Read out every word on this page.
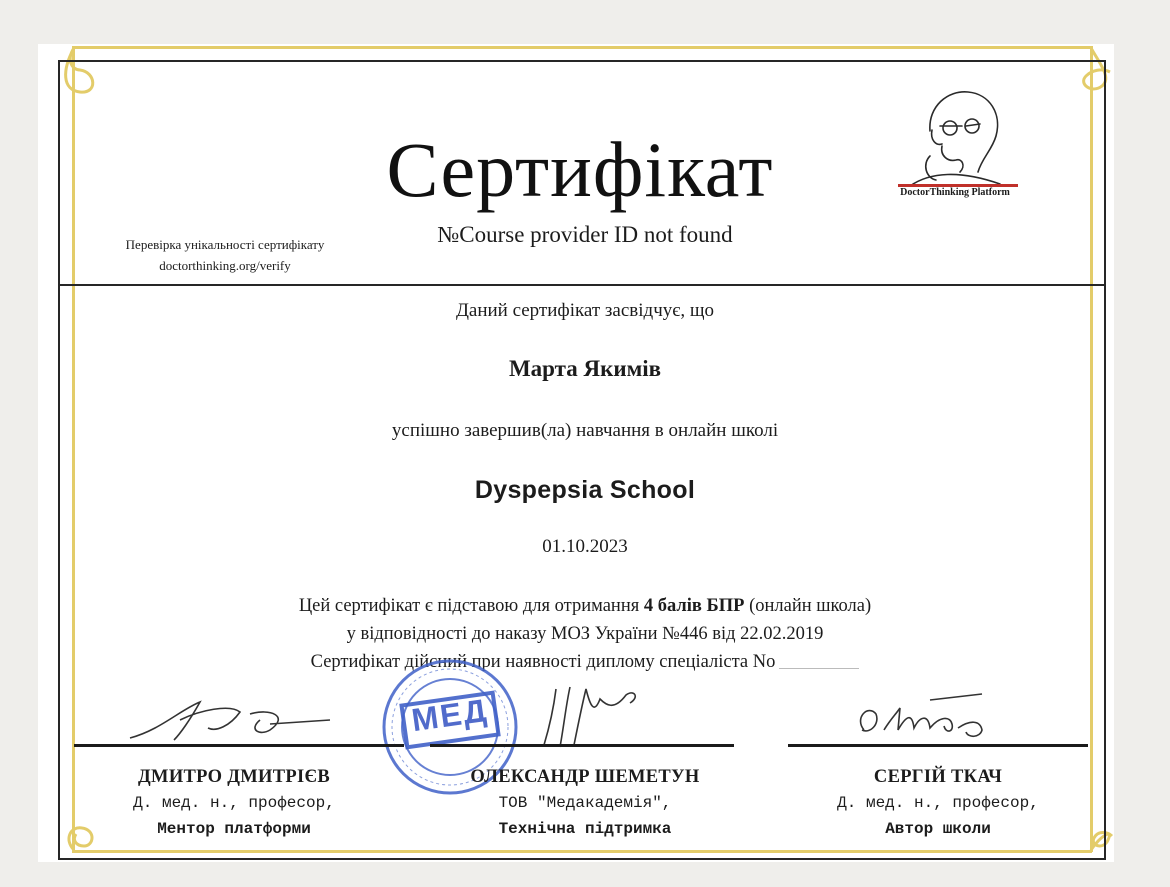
Сертифікат
№Course provider ID not found
Перевірка унікальності сертифікату
doctorthinking.org/verify
DoctorThinking Platform
Даний сертифікат засвідчує, що
Марта Якимів
успішно завершив(ла) навчання в онлайн школі
Dyspepsia School
01.10.2023
Цей сертифікат є підставою для отримання 4 балів БПР (онлайн школа)
у відповідності до наказу МОЗ України №446 від 22.02.2019
Сертифікат дійсний при наявності диплому спеціаліста No
МЕД
ДМИТРО ДМИТРІЄВ
Д. мед. н., професор,
Ментор платформи
ОЛЕКСАНДР ШЕМЕТУН
ТОВ "Медакадемія",
Технічна підтримка
СЕРГІЙ ТКАЧ
Д. мед. н., професор,
Автор школи
